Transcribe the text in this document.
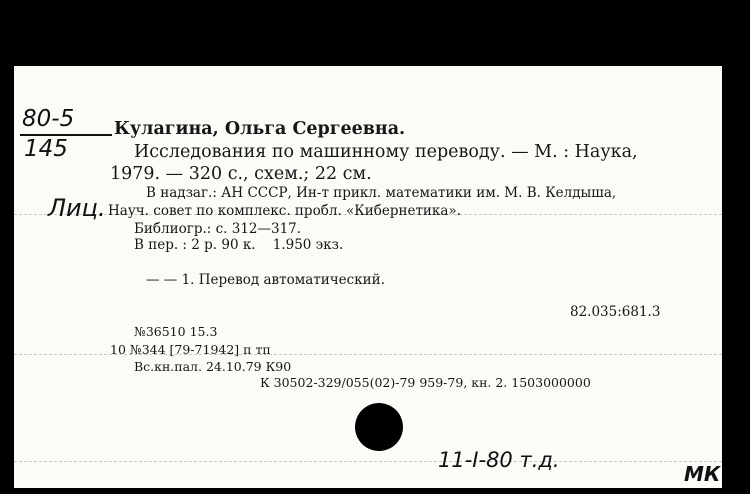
80-5
145
Лиц.
Кулагина, Ольга Сергеевна.
Исследования по машинному переводу. — М. : Наука,
1979. — 320 с., схем.; 22 см.
В надзаг.: АН СССР, Ин-т прикл. математики им. М. В. Келдыша,
Науч. совет по комплекс. пробл. «Кибернетика».
Библиогр.: с. 312—317.
В пер. : 2 р. 90 к.    1.950 экз.
— — 1. Перевод автоматический.
82.035:681.3
№36510 15.3
10 №344 [79-71942] п тп
Вс.кн.пал. 24.10.79 К90
К 30502-329/055(02)-79 959-79, кн. 2. 1503000000
11-I-80 т.д.
МК
